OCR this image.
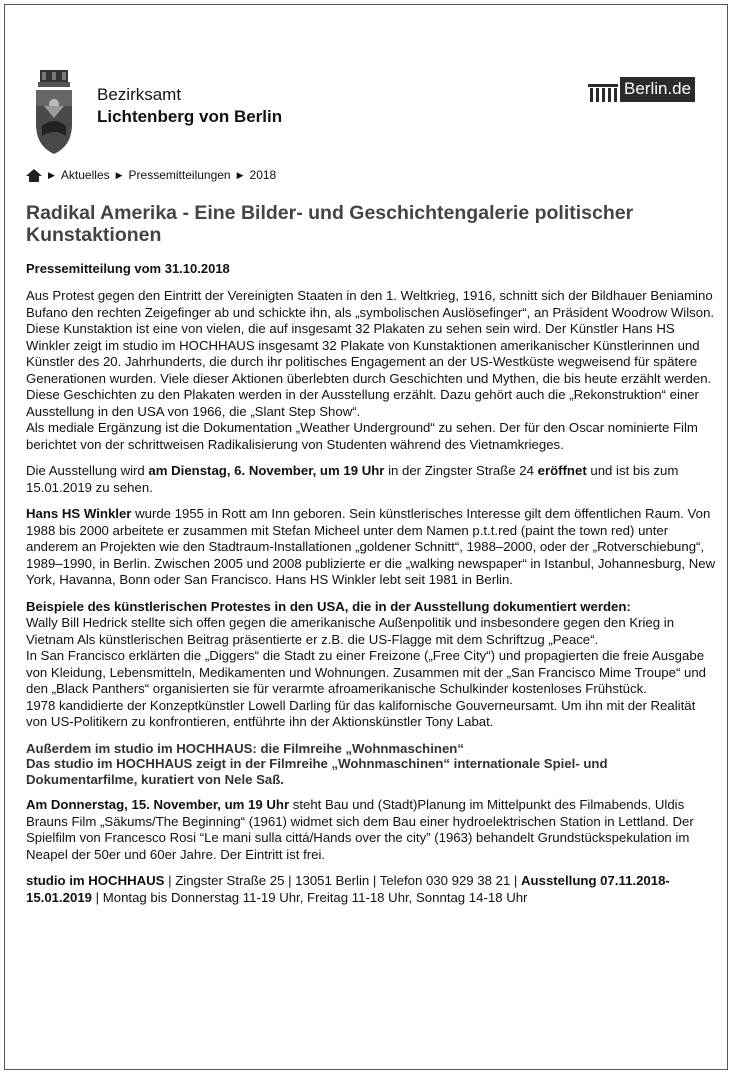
Bezirksamt
Lichtenberg von Berlin
Berlin.de
▶ Aktuelles ▶ Pressemitteilungen ▶ 2018
Radikal Amerika - Eine Bilder- und Geschichtengalerie politischer Kunstaktionen

Pressemitteilung vom 31.10.2018

Aus Protest gegen den Eintritt der Vereinigten Staaten in den 1. Weltkrieg, 1916, schnitt sich der Bildhauer Beniamino Bufano den rechten Zeigefinger ab und schickte ihn, als „symbolischen Auslösefinger“, an Präsident Woodrow Wilson. Diese Kunstaktion ist eine von vielen, die auf insgesamt 32 Plakaten zu sehen sein wird. Der Künstler Hans HS Winkler zeigt im studio im HOCHHAUS insgesamt 32 Plakate von Kunstaktionen amerikanischer Künstlerinnen und Künstler des 20. Jahrhunderts, die durch ihr politisches Engagement an der US-Westküste wegweisend für spätere Generationen wurden. Viele dieser Aktionen überlebten durch Geschichten und Mythen, die bis heute erzählt werden.

Diese Geschichten zu den Plakaten werden in der Ausstellung erzählt. Dazu gehört auch die „Rekonstruktion“ einer Ausstellung in den USA von 1966, die „Slant Step Show“.

Als mediale Ergänzung ist die Dokumentation „Weather Underground“ zu sehen. Der für den Oscar nominierte Film berichtet von der schrittweisen Radikalisierung von Studenten während des Vietnamkrieges.

Die Ausstellung wird am Dienstag, 6. November, um 19 Uhr in der Zingster Straße 24 eröffnet und ist bis zum 15.01.2019 zu sehen.

Hans HS Winkler wurde 1955 in Rott am Inn geboren. Sein künstlerisches Interesse gilt dem öffentlichen Raum. Von 1988 bis 2000 arbeitete er zusammen mit Stefan Micheel unter dem Namen p.t.t.red (paint the town red) unter anderem an Projekten wie den Stadtraum-Installationen „goldener Schnitt“, 1988–2000, oder der „Rotverschiebung“, 1989–1990, in Berlin. Zwischen 2005 und 2008 publizierte er die „walking newspaper“ in Istanbul, Johannesburg, New York, Havanna, Bonn oder San Francisco. Hans HS Winkler lebt seit 1981 in Berlin.

Beispiele des künstlerischen Protestes in den USA, die in der Ausstellung dokumentiert werden:

Wally Bill Hedrick stellte sich offen gegen die amerikanische Außenpolitik und insbesondere gegen den Krieg in Vietnam Als künstlerischen Beitrag präsentierte er z.B. die US-Flagge mit dem Schriftzug „Peace“.

In San Francisco erklärten die „Diggers“ die Stadt zu einer Freizone („Free City“) und propagierten die freie Ausgabe von Kleidung, Lebensmitteln, Medikamenten und Wohnungen. Zusammen mit der „San Francisco Mime Troupe“ und den „Black Panthers“ organisierten sie für verarmte afroamerikanische Schulkinder kostenloses Frühstück.

1978 kandidierte der Konzeptkünstler Lowell Darling für das kalifornische Gouverneursamt. Um ihn mit der Realität von US-Politikern zu konfrontieren, entführte ihn der Aktionskünstler Tony Labat.

Außerdem im studio im HOCHHAUS: die Filmreihe „Wohnmaschinen“

Das studio im HOCHHAUS zeigt in der Filmreihe „Wohnmaschinen“ internationale Spiel- und Dokumentarfilme, kuratiert von Nele Saß.

Am Donnerstag, 15. November, um 19 Uhr steht Bau und (Stadt)Planung im Mittelpunkt des Filmabends. Uldis Brauns Film „Säkums/The Beginning“ (1961) widmet sich dem Bau einer hydroelektrischen Station in Lettland. Der Spielfilm von Francesco Rosi “Le mani sulla cittá/Hands over the city” (1963) behandelt Grundstückspekulation im Neapel der 50er und 60er Jahre. Der Eintritt ist frei.

studio im HOCHHAUS | Zingster Straße 25 | 13051 Berlin | Telefon 030 929 38 21 | Ausstellung 07.11.2018-15.01.2019 | Montag bis Donnerstag 11-19 Uhr, Freitag 11-18 Uhr, Sonntag 14-18 Uhr
